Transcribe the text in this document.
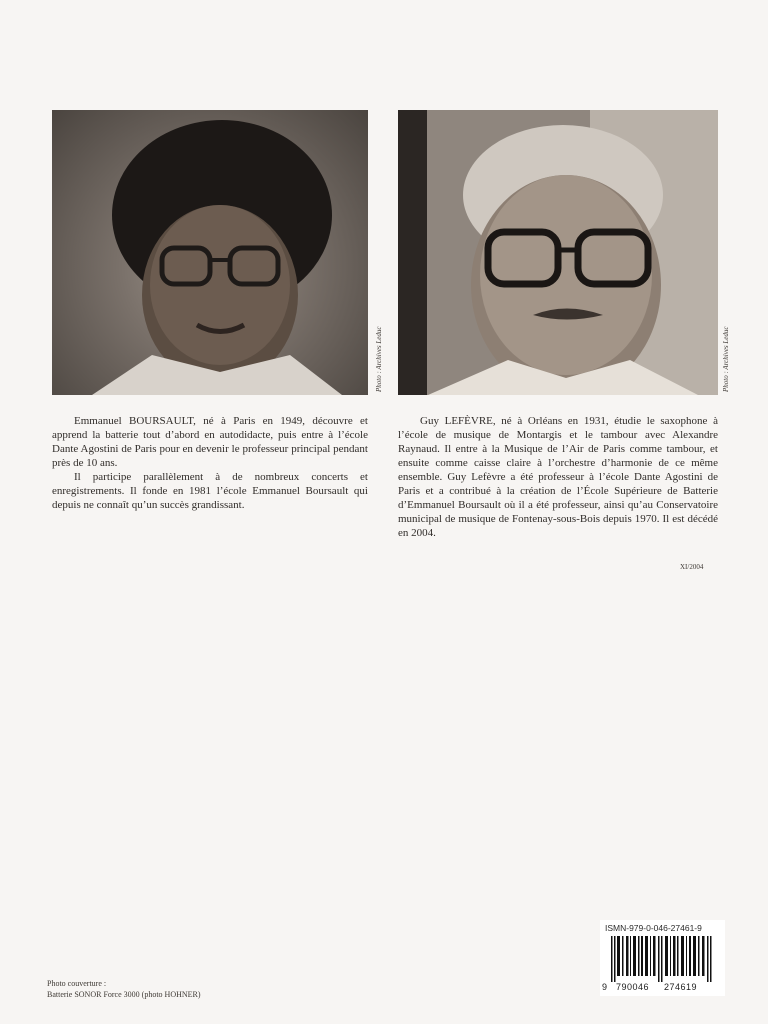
Photo : Archives Leduc	Photo : Archives Leduc

Emmanuel BOURSAULT, né à Paris en 1949, découvre et apprend la batterie tout d’abord en autodidacte, puis entre à l’école Dante Agostini de Paris pour en devenir le professeur principal pendant près de 10 ans.

Il participe parallèlement à de nombreux concerts et enregistrements. Il fonde en 1981 l’école Emmanuel Boursault qui depuis ne connaît qu’un succès grandissant.

Guy LEFÈVRE, né à Orléans en 1931, étudie le saxophone à l’école de musique de Montargis et le tambour avec Alexandre Raynaud. Il entre à la Musique de l’Air de Paris comme tambour, et ensuite comme caisse claire à l’orchestre d’harmonie de ce même ensemble. Guy Lefèvre a été professeur à l’école Dante Agostini de Paris et a contribué à la création de l’École Supérieure de Batterie d’Emmanuel Boursault où il a été professeur, ainsi qu’au Conservatoire municipal de musique de Fontenay-sous-Bois depuis 1970. Il est décédé en 2004.

XI/2004
Photo couverture :
Batterie SONOR Force 3000 (photo HOHNER)
ISMN-979-0-046-27461-9
9 790046 274619
